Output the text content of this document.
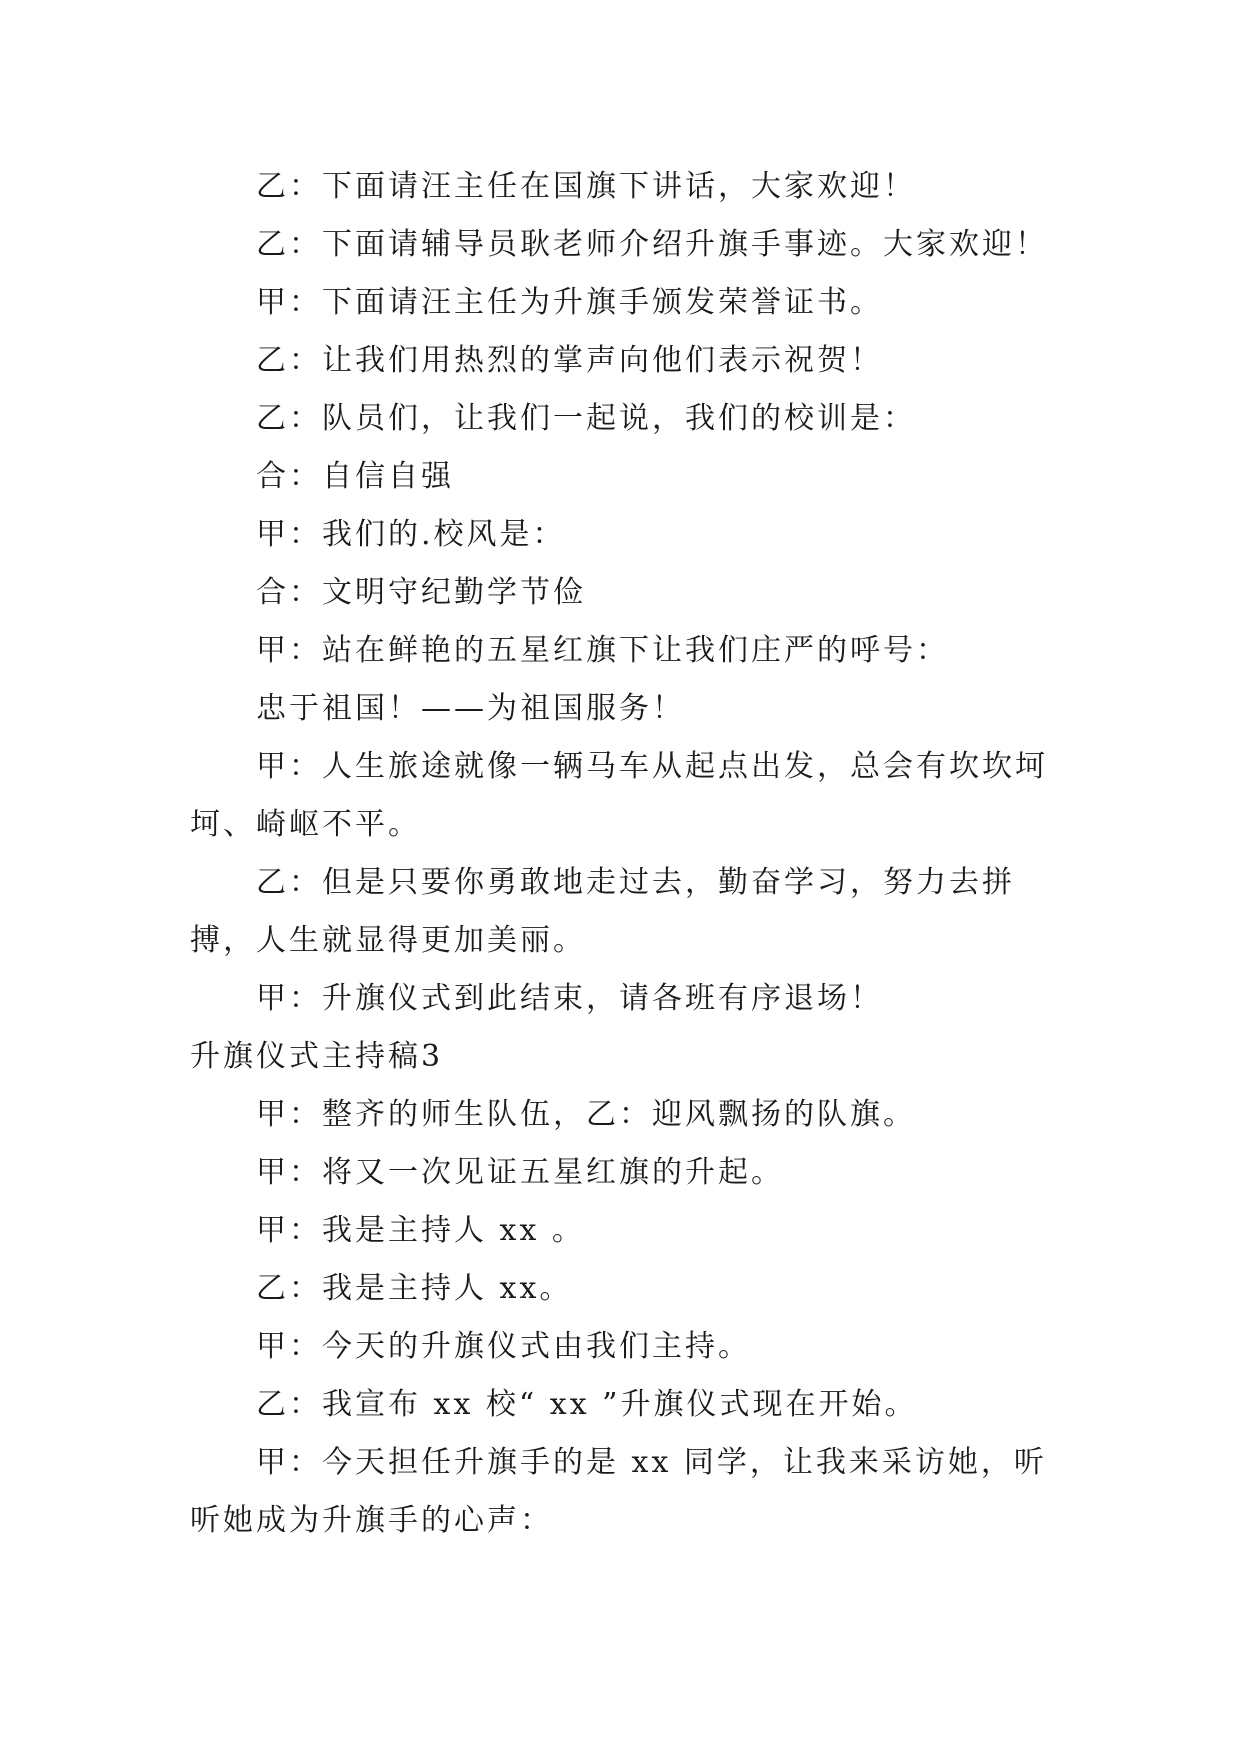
乙：下面请汪主任在国旗下讲话，大家欢迎！

乙：下面请辅导员耿老师介绍升旗手事迹。大家欢迎！

甲：下面请汪主任为升旗手颁发荣誉证书。

乙：让我们用热烈的掌声向他们表示祝贺！

乙：队员们，让我们一起说，我们的校训是：

合：自信自强

甲：我们的.校风是：

合：文明守纪勤学节俭

甲：站在鲜艳的五星红旗下让我们庄严的呼号：

忠于祖国！——为祖国服务！

甲：人生旅途就像一辆马车从起点出发，总会有坎坎坷坷、崎岖不平。

乙：但是只要你勇敢地走过去，勤奋学习，努力去拼搏，人生就显得更加美丽。

甲：升旗仪式到此结束，请各班有序退场！

升旗仪式主持稿3

甲：整齐的师生队伍，乙：迎风飘扬的队旗。

甲：将又一次见证五星红旗的升起。

甲：我是主持人 xx 。

乙：我是主持人 xx。

甲：今天的升旗仪式由我们主持。

乙：我宣布 xx 校“ xx ”升旗仪式现在开始。

甲：今天担任升旗手的是 xx 同学，让我来采访她，听听她成为升旗手的心声：
